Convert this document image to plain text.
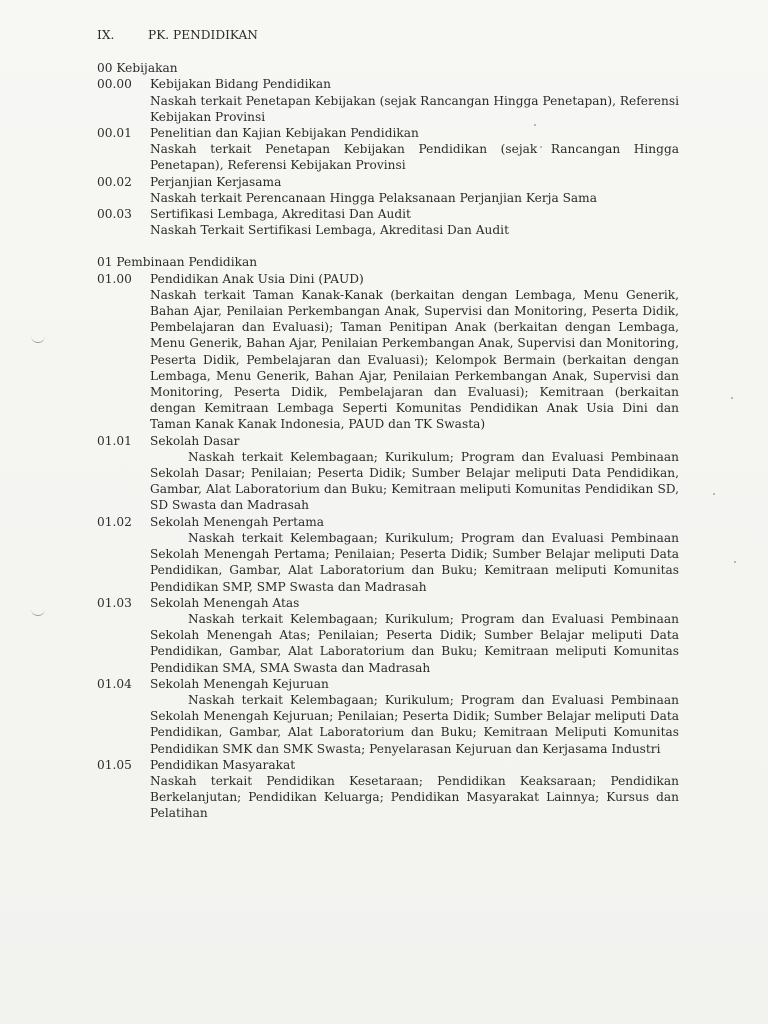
IX.	PK. PENDIDIKAN
00 Kebijakan
00.00	Kebijakan Bidang Pendidikan
Naskah terkait Penetapan Kebijakan (sejak Rancangan Hingga Penetapan), Referensi Kebijakan Provinsi
00.01	Penelitian dan Kajian Kebijakan Pendidikan
Naskah terkait Penetapan Kebijakan Pendidikan (sejak Rancangan Hingga Penetapan), Referensi Kebijakan Provinsi
00.02	Perjanjian Kerjasama
Naskah terkait Perencanaan Hingga Pelaksanaan Perjanjian Kerja Sama
00.03	Sertifikasi Lembaga, Akreditasi Dan Audit
Naskah Terkait Sertifikasi Lembaga, Akreditasi Dan Audit
01 Pembinaan Pendidikan
01.00	Pendidikan Anak Usia Dini (PAUD)
Naskah terkait Taman Kanak-Kanak (berkaitan dengan Lembaga, Menu Generik, Bahan Ajar, Penilaian Perkembangan Anak, Supervisi dan Monitoring, Peserta Didik, Pembelajaran dan Evaluasi); Taman Penitipan Anak (berkaitan dengan Lembaga, Menu Generik, Bahan Ajar, Penilaian Perkembangan Anak, Supervisi dan Monitoring, Peserta Didik, Pembelajaran dan Evaluasi); Kelompok Bermain (berkaitan dengan Lembaga, Menu Generik, Bahan Ajar, Penilaian Perkembangan Anak, Supervisi dan Monitoring, Peserta Didik, Pembelajaran dan Evaluasi); Kemitraan (berkaitan dengan Kemitraan Lembaga Seperti Komunitas Pendidikan Anak Usia Dini dan Taman Kanak Kanak Indonesia, PAUD dan TK Swasta)
01.01	Sekolah Dasar
Naskah terkait Kelembagaan; Kurikulum; Program dan Evaluasi Pembinaan Sekolah Dasar; Penilaian; Peserta Didik; Sumber Belajar meliputi Data Pendidikan, Gambar, Alat Laboratorium dan Buku; Kemitraan meliputi Komunitas Pendidikan SD, SD Swasta dan Madrasah
01.02	Sekolah Menengah Pertama
Naskah terkait Kelembagaan; Kurikulum; Program dan Evaluasi Pembinaan Sekolah Menengah Pertama; Penilaian; Peserta Didik; Sumber Belajar meliputi Data Pendidikan, Gambar, Alat Laboratorium dan Buku; Kemitraan meliputi Komunitas Pendidikan SMP, SMP Swasta dan Madrasah
01.03	Sekolah Menengah Atas
Naskah terkait Kelembagaan; Kurikulum; Program dan Evaluasi Pembinaan Sekolah Menengah Atas; Penilaian; Peserta Didik; Sumber Belajar meliputi Data Pendidikan, Gambar, Alat Laboratorium dan Buku; Kemitraan meliputi Komunitas Pendidikan SMA, SMA Swasta dan Madrasah
01.04	Sekolah Menengah Kejuruan
Naskah terkait Kelembagaan; Kurikulum; Program dan Evaluasi Pembinaan Sekolah Menengah Kejuruan; Penilaian; Peserta Didik; Sumber Belajar meliputi Data Pendidikan, Gambar, Alat Laboratorium dan Buku; Kemitraan Meliputi Komunitas Pendidikan SMK dan SMK Swasta; Penyelarasan Kejuruan dan Kerjasama Industri
01.05	Pendidikan Masyarakat
Naskah terkait Pendidikan Kesetaraan; Pendidikan Keaksaraan; Pendidikan Berkelanjutan; Pendidikan Keluarga; Pendidikan Masyarakat Lainnya; Kursus dan Pelatihan
